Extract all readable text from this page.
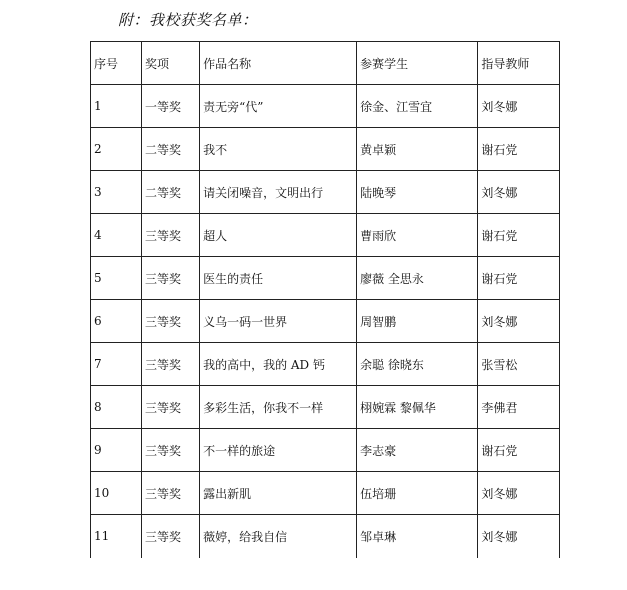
附：我校获奖名单：
序号	奖项	作品名称	参赛学生	指导教师
1	一等奖	责无旁“代”	徐金、江雪宜	刘冬娜
2	二等奖	我不	黄卓颖	谢石党
3	二等奖	请关闭噪音，文明出行	陆晚琴	刘冬娜
4	三等奖	超人	曹雨欣	谢石党
5	三等奖	医生的责任	廖薇 全思永	谢石党
6	三等奖	义乌一码一世界	周智鹏	刘冬娜
7	三等奖	我的高中，我的 AD 钙	余聪 徐晓东	张雪松
8	三等奖	多彩生活，你我不一样	栩婉霖 黎佩华	李佛君
9	三等奖	不一样的旅途	李志豪	谢石党
10	三等奖	露出新肌	伍培珊	刘冬娜
11	三等奖	薇婷，给我自信	邹卓琳	刘冬娜
